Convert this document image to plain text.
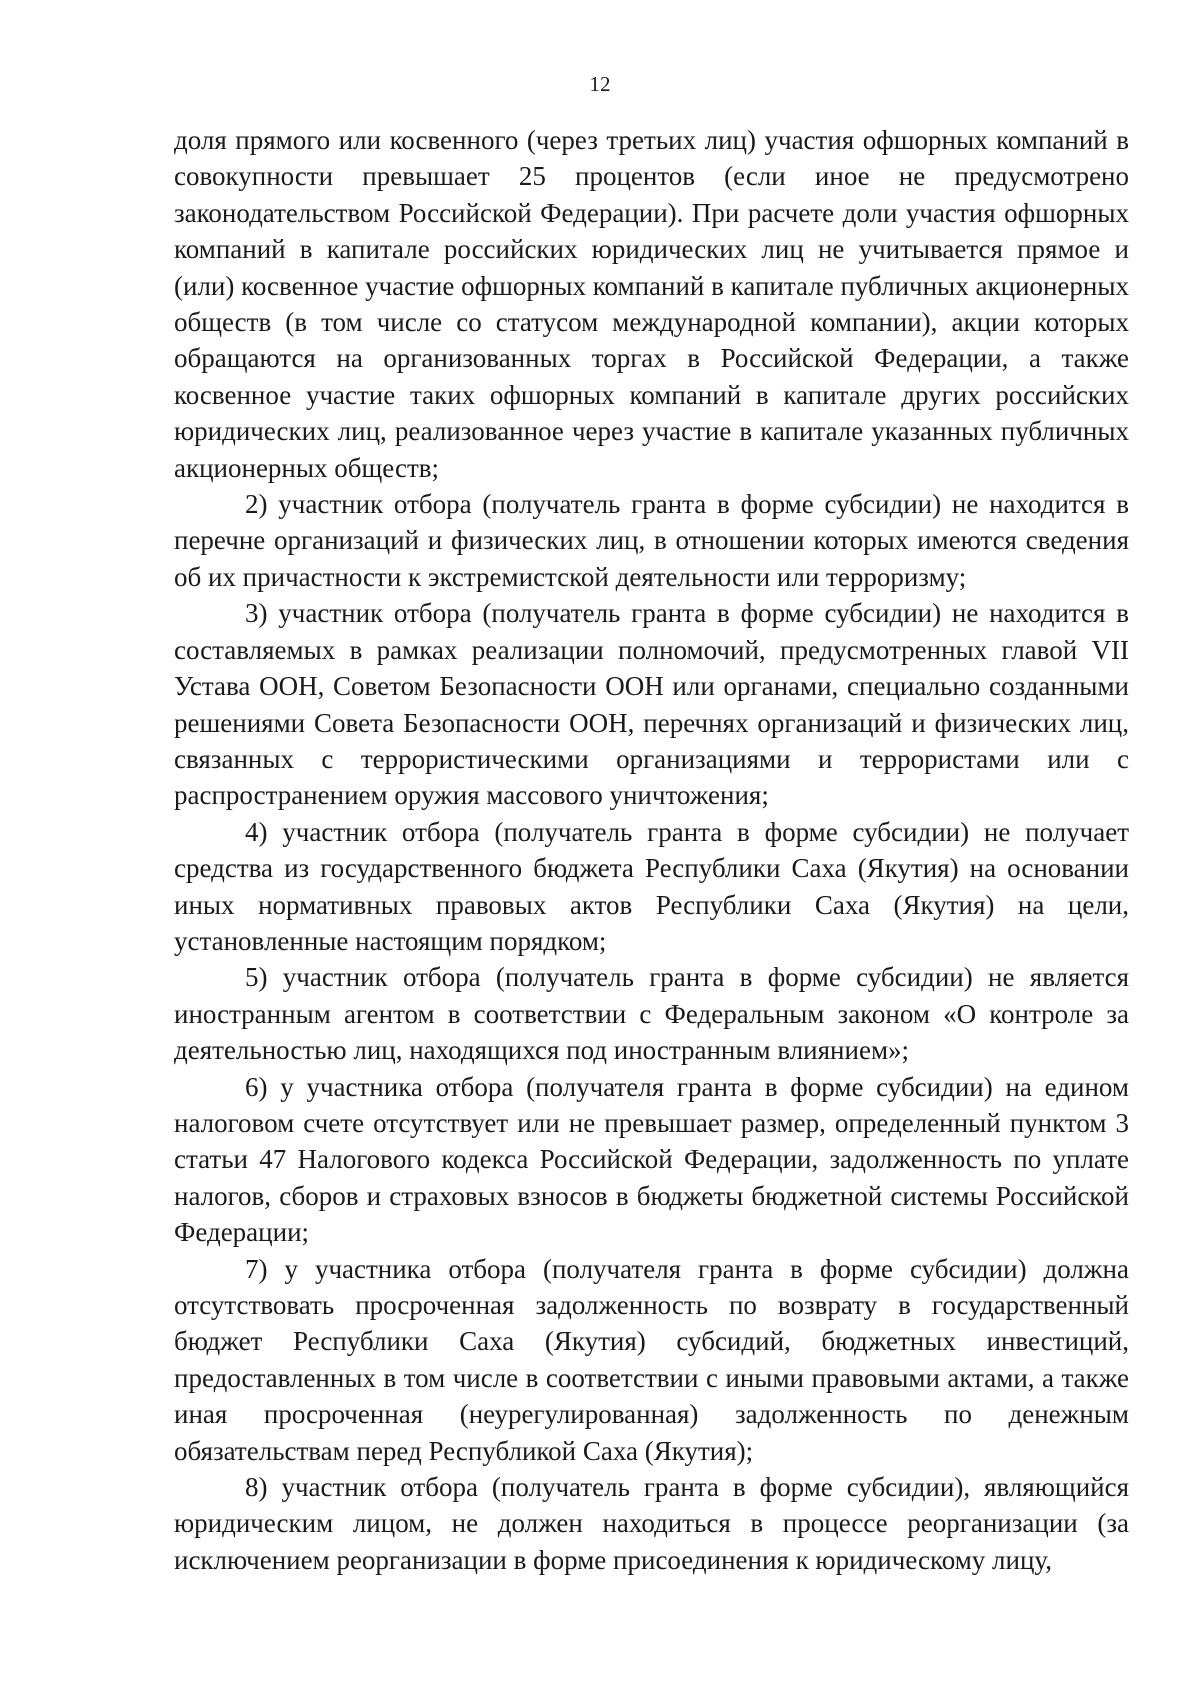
12

доля прямого или косвенного (через третьих лиц) участия офшорных компаний в совокупности превышает 25 процентов (если иное не предусмотрено законодательством Российской Федерации). При расчете доли участия офшорных компаний в капитале российских юридических лиц не учитывается прямое и (или) косвенное участие офшорных компаний в капитале публичных акционерных обществ (в том числе со статусом международной компании), акции которых обращаются на организованных торгах в Российской Федерации, а также косвенное участие таких офшорных компаний в капитале других российских юридических лиц, реализованное через участие в капитале указанных публичных акционерных обществ;

2) участник отбора (получатель гранта в форме субсидии) не находится в перечне организаций и физических лиц, в отношении которых имеются сведения об их причастности к экстремистской деятельности или терроризму;

3) участник отбора (получатель гранта в форме субсидии) не находится в составляемых в рамках реализации полномочий, предусмотренных главой VII Устава ООН, Советом Безопасности ООН или органами, специально созданными решениями Совета Безопасности ООН, перечнях организаций и физических лиц, связанных с террористическими организациями и террористами или с распространением оружия массового уничтожения;

4) участник отбора (получатель гранта в форме субсидии) не получает средства из государственного бюджета Республики Саха (Якутия) на основании иных нормативных правовых актов Республики Саха (Якутия) на цели, установленные настоящим порядком;

5) участник отбора (получатель гранта в форме субсидии) не является иностранным агентом в соответствии с Федеральным законом «О контроле за деятельностью лиц, находящихся под иностранным влиянием»;

6) у участника отбора (получателя гранта в форме субсидии) на едином налоговом счете отсутствует или не превышает размер, определенный пунктом 3 статьи 47 Налогового кодекса Российской Федерации, задолженность по уплате налогов, сборов и страховых взносов в бюджеты бюджетной системы Российской Федерации;

7) у участника отбора (получателя гранта в форме субсидии) должна отсутствовать просроченная задолженность по возврату в государственный бюджет Республики Саха (Якутия) субсидий, бюджетных инвестиций, предоставленных в том числе в соответствии с иными правовыми актами, а также иная просроченная (неурегулированная) задолженность по денежным обязательствам перед Республикой Саха (Якутия);

8) участник отбора (получатель гранта в форме субсидии), являющийся юридическим лицом, не должен находиться в процессе реорганизации (за исключением реорганизации в форме присоединения к юридическому лицу,
